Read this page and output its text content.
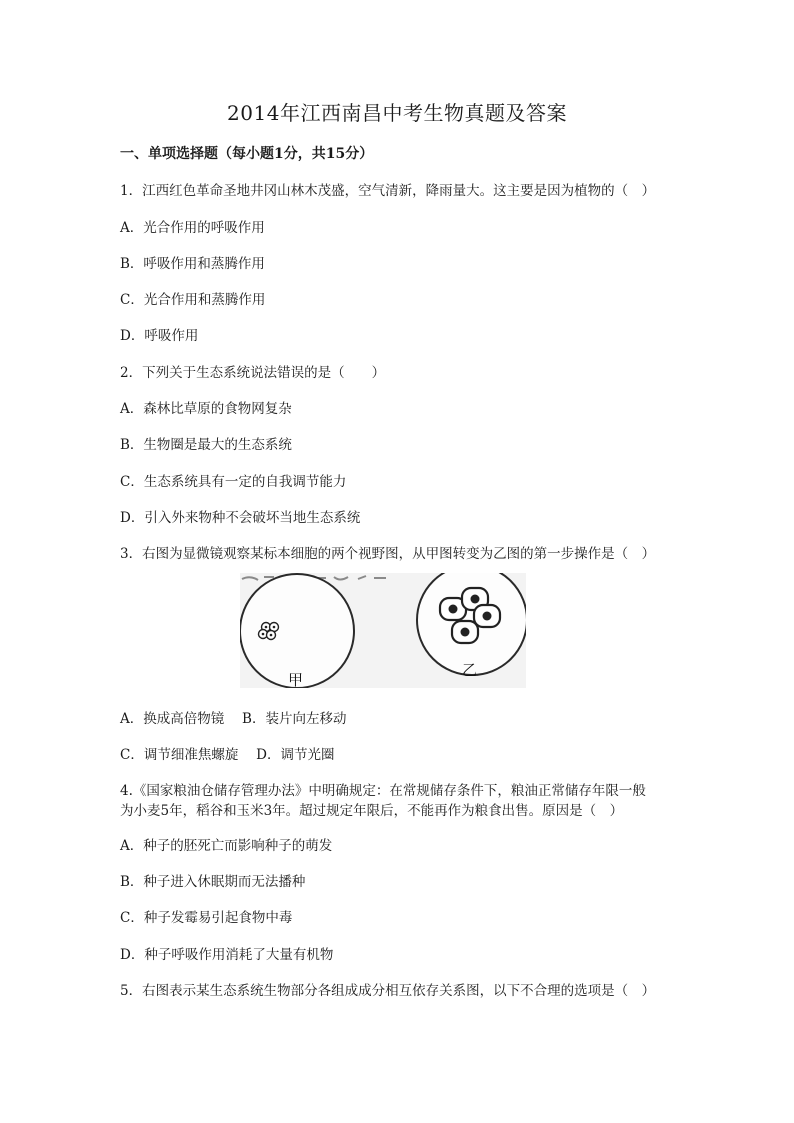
2014年江西南昌中考生物真题及答案
一、单项选择题（每小题1分，共15分）
1．江西红色革命圣地井冈山林木茂盛，空气清新，降雨量大。这主要是因为植物的（　）
A．光合作用的呼吸作用
B．呼吸作用和蒸腾作用
C．光合作用和蒸腾作用
D．呼吸作用
2．下列关于生态系统说法错误的是（　　）
A．森林比草原的食物网复杂
B．生物圈是最大的生态系统
C．生态系统具有一定的自我调节能力
D．引入外来物种不会破坏当地生态系统
3．右图为显微镜观察某标本细胞的两个视野图，从甲图转变为乙图的第一步操作是（　）
甲
乙
A．换成高倍物镜　 B．装片向左移动
C．调节细准焦螺旋　 D．调节光圈
4.《国家粮油仓储存管理办法》中明确规定：在常规储存条件下，粮油正常储存年限一般
为小麦5年，稻谷和玉米3年。超过规定年限后，不能再作为粮食出售。原因是（　）
A．种子的胚死亡而影响种子的萌发
B．种子进入休眠期而无法播种
C．种子发霉易引起食物中毒
D．种子呼吸作用消耗了大量有机物
5．右图表示某生态系统生物部分各组成成分相互依存关系图，以下不合理的选项是（　）
